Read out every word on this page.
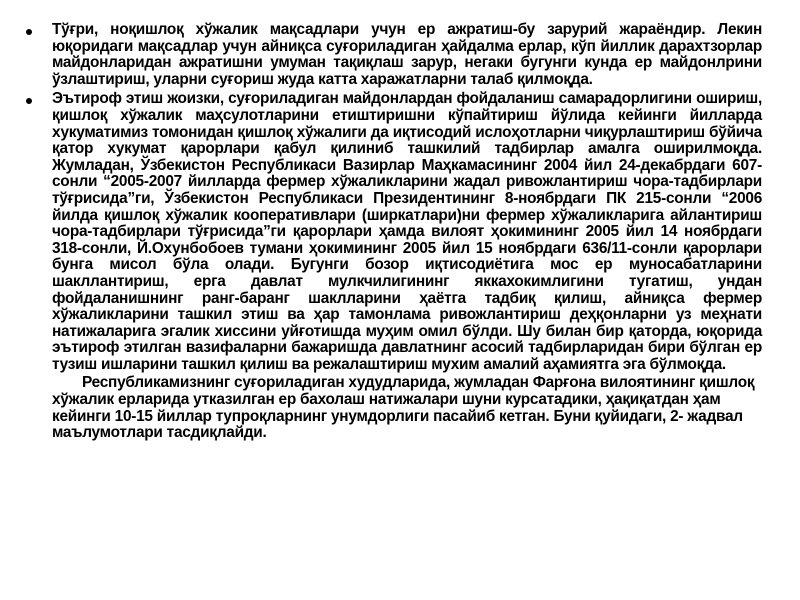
Тўғри, ноқишлоқ хўжалик мақсадлари учун ер ажратиш-бу зарурий жараёндир. Лекин юқоридаги мақсадлар учун айниқса суғориладиган ҳайдалма ерлар, кўп йиллик дарахтзорлар майдонларидан ажратишни умуман тақиқлаш зарур, негаки бугунги кунда ер майдонлрини ўзлаштириш, уларни суғориш жуда катта харажатларни талаб қилмоқда.

Эътироф этиш жоизки, суғориладиган майдонлардан фойдаланиш самарадорлигини ошириш, қишлоқ хўжалик маҳсулотларини етиштиришни кўпайтириш йўлида кейинги йилларда хукуматимиз томонидан қишлоқ хўжалиги да иқтисодий ислоҳотларни чиқурлаштириш бўйича қатор хукумат қарорлари қабул қилиниб ташкилий тадбирлар амалга оширилмоқда. Жумладан, Ўзбекистон Республикаси Вазирлар Маҳкамасининг 2004 йил 24-декабрдаги 607-сонли “2005-2007 йилларда фермер хўжаликларини жадал ривожлантириш чора-тадбирлари тўғрисида”ги, Ўзбекистон Республикаси Президентининг 8-ноябрдаги ПК 215-сонли “2006 йилда қишлоқ хўжалик кооперативлари (ширкатлари)ни фермер хўжаликларига айлантириш чора-тадбирлари тўғрисида”ги қарорлари ҳамда вилоят ҳокимининг 2005 йил 14 ноябрдаги 318-сонли, Й.Охунбобоев тумани ҳокимининг 2005 йил 15 ноябрдаги 636/11-сонли қарорлари бунга мисол бўла олади. Бугунги бозор иқтисодиётига мос ер муносабатларини шакллантириш, ерга давлат мулкчилигининг яккахокимлигини тугатиш, ундан фойдаланишнинг ранг-баранг шаклларини ҳаётга тадбиқ қилиш, айниқса фермер хўжаликларини ташкил этиш ва ҳар тамонлама ривожлантириш деҳқонларни уз меҳнати натижаларига эгалик хиссини уйғотишда муҳим омил бўлди. Шу билан бир қаторда, юқорида эътироф этилган вазифаларни бажаришда давлатнинг асосий тадбирларидан бири бўлган ер тузиш ишларини ташкил қилиш ва режалаштириш мухим амалий аҳамиятга эга бўлмоқда.

Республикамизнинг суғориладиган худудларида, жумладан Фарғона вилоятининг қишлоқ хўжалик ерларида утказилган ер бахолаш натижалари шуни курсатадики, ҳақиқатдан ҳам кейинги 10-15 йиллар тупроқларнинг унумдорлиги пасайиб кетган. Буни қуйидаги, 2- жадвал маълумотлари тасдиқлайди.
